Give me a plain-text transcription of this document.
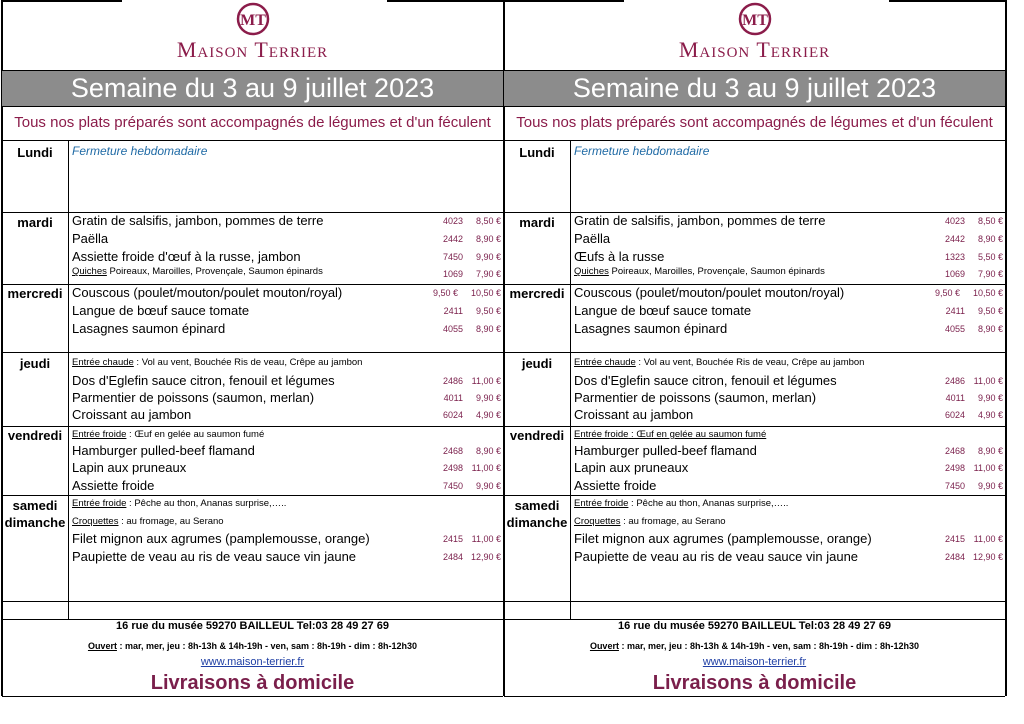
MT
Maison Terrier
Semaine du 3 au 9 juillet 2023
Tous nos plats préparés sont accompagnés de légumes et d'un féculent
Lundi	Fermeture hebdomadaire
mardi	Gratin de salsifis, jambon, pommes de terre	4023 8,50 €
Paëlla	2442 8,90 €
Assiette froide d'œuf à la russe, jambon	7450 9,90 €
Quiches Poireaux, Maroilles, Provençale, Saumon épinards	1069 7,90 €
mercredi Couscous (poulet/mouton/poulet mouton/royal)	9,50 € 10,50 €
Langue de bœuf sauce tomate	2411 9,50 €
Lasagnes saumon épinard	4055 8,90 €
jeudi	Entrée chaude : Vol au vent, Bouchée Ris de veau, Crêpe au jambon
Dos d'Eglefin sauce citron, fenouil et légumes	2486 11,00 €
Parmentier de poissons (saumon, merlan)	4011 9,90 €
Croissant au jambon	6024 4,90 €
vendredi	Entrée froide : Œuf en gelée au saumon fumé
Hamburger pulled-beef flamand	2468 8,90 €
Lapin aux pruneaux	2498 11,00 €
Assiette froide	7450 9,90 €
samedi
dimanche
Entrée froide : Pêche au thon, Ananas surprise,…..
Croquettes : au fromage, au Serano
Filet mignon aux agrumes (pamplemousse, orange)	2415 11,00 €
Paupiette de veau au ris de veau sauce vin jaune	2484 12,90 €
16 rue du musée 59270 BAILLEUL Tel:03 28 49 27 69
Ouvert : mar, mer, jeu : 8h-13h & 14h-19h - ven, sam : 8h-19h - dim : 8h-12h30
www.maison-terrier.fr
Livraisons à domicile
MT
Maison Terrier
Semaine du 3 au 9 juillet 2023
Tous nos plats préparés sont accompagnés de légumes et d'un féculent
Lundi	Fermeture hebdomadaire
mardi	Gratin de salsifis, jambon, pommes de terre	4023 8,50 €
Paëlla	2442 8,90 €
Œufs à la russe	1323 5,50 €
Quiches Poireaux, Maroilles, Provençale, Saumon épinards	1069 7,90 €
mercredi Couscous (poulet/mouton/poulet mouton/royal)	9,50 € 10,50 €
Langue de bœuf sauce tomate	2411 9,50 €
Lasagnes saumon épinard	4055 8,90 €
jeudi	Entrée chaude : Vol au vent, Bouchée Ris de veau, Crêpe au jambon
Dos d'Eglefin sauce citron, fenouil et légumes	2486 11,00 €
Parmentier de poissons (saumon, merlan)	4011 9,90 €
Croissant au jambon	6024 4,90 €
vendredi	Entrée froide : Œuf en gelée au saumon fumé
Hamburger pulled-beef flamand	2468 8,90 €
Lapin aux pruneaux	2498 11,00 €
Assiette froide	7450 9,90 €
samedi
dimanche
Entrée froide : Pêche au thon, Ananas surprise,…..
Croquettes : au fromage, au Serano
Filet mignon aux agrumes (pamplemousse, orange)	2415 11,00 €
Paupiette de veau au ris de veau sauce vin jaune	2484 12,90 €
16 rue du musée 59270 BAILLEUL Tel:03 28 49 27 69
Ouvert : mar, mer, jeu : 8h-13h & 14h-19h - ven, sam : 8h-19h - dim : 8h-12h30
www.maison-terrier.fr
Livraisons à domicile
